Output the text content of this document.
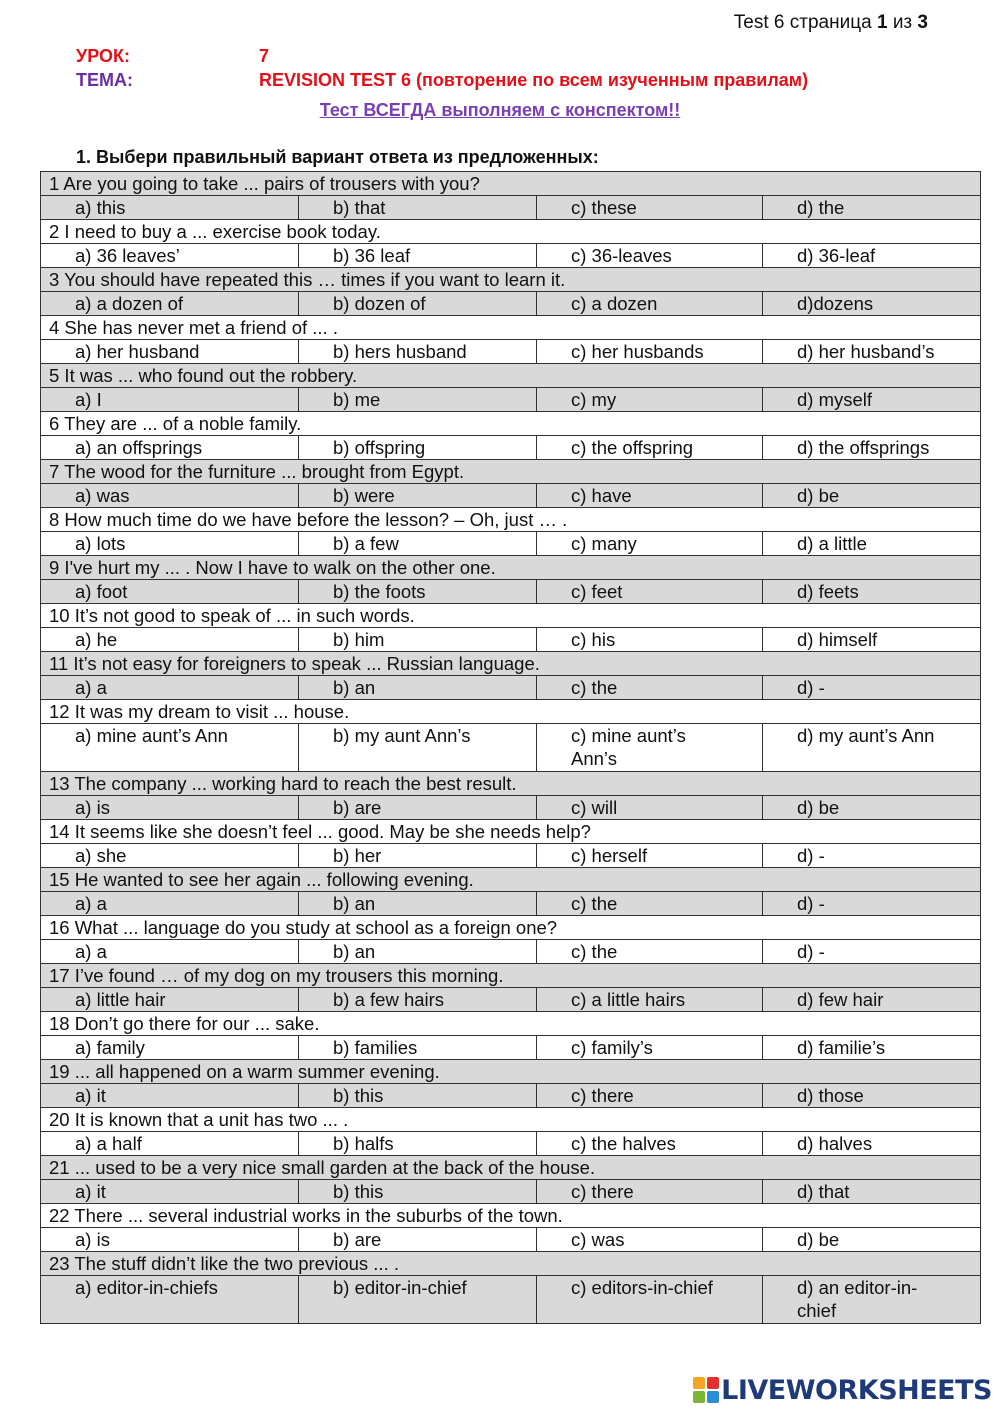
Test 6 страница 1 из 3
УРОК:	7
ТЕМА:	REVISION TEST 6 (повторение по всем изученным правилам)
Тест ВСЕГДА выполняем с конспектом!!
1. Выбери правильный вариант ответа из предложенных:
1 Are you going to take ... pairs of trousers with you?			
a) this	b) that	c) these	d) the
2 I need to buy a ... exercise book today.			
a) 36 leaves’	b) 36 leaf	c) 36-leaves	d) 36-leaf
3 You should have repeated this … times if you want to learn it.			
a) a dozen of	b) dozen of	c) a dozen	d)dozens
4 She has never met a friend of ... .			
a) her husband	b) hers husband	c) her husbands	d) her husband’s
5 It was ... who found out the robbery.			
a) I	b) me	c) my	d) myself
6 They are ... of a noble family.			
a) an offsprings	b) offspring	c) the offspring	d) the offsprings
7 The wood for the furniture ... brought from Egypt.			
a) was	b) were	c) have	d) be
8 How much time do we have before the lesson? – Oh, just … .			
a) lots	b) a few	c) many	d) a little
9 I've hurt my ... . Now I have to walk on the other one.			
a) foot	b) the foots	c) feet	d) feets
10 It’s not good to speak of ... in such words.			
a) he	b) him	c) his	d) himself
11 It’s not easy for foreigners to speak ... Russian language.			
a) a	b) an	c) the	d) -
12 It was my dream to visit ... house.			

a) mine aunt’s Ann	b) my aunt Ann’s	c) mine aunt’s
Ann’s	d) my aunt’s Ann

13 The company ... working hard to reach the best result.			
a) is	b) are	c) will	d) be
14 It seems like she doesn’t feel ... good. May be she needs help?			
a) she	b) her	c) herself	d) -
15 He wanted to see her again ... following evening.			
a) a	b) an	c) the	d) -
16 What ... language do you study at school as a foreign one?			
a) a	b) an	c) the	d) -
17 I’ve found … of my dog on my trousers this morning.			
a) little hair	b) a few hairs	c) a little hairs	d) few hair
18 Don’t go there for our ... sake.			
a) family	b) families	c) family’s	d) familie’s
19 ... all happened on a warm summer evening.			
a) it	b) this	c) there	d) those
20 It is known that a unit has two ... .			
a) a half	b) halfs	c) the halves	d) halves
21 ... used to be a very nice small garden at the back of the house.			
a) it	b) this	c) there	d) that
22 There ... several industrial works in the suburbs of the town.			
a) is	b) are	c) was	d) be
23 The stuff didn’t like the two previous ... .			

a) editor-in-chiefs	b) editor-in-chief	c) editors-in-chief	d) an editor-in-
chief
LIVEWORKSHEETS
